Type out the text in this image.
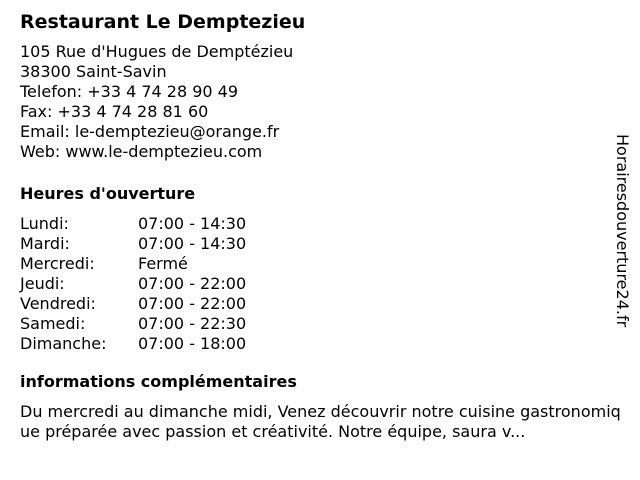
Restaurant Le Demptezieu
105 Rue d'Hugues de Demptézieu
38300 Saint-Savin
Telefon: +33 4 74 28 90 49
Fax: +33 4 74 28 81 60
Email: le-demptezieu@orange.fr
Web: www.le-demptezieu.com
Heures d'ouverture
Lundi:	07:00 - 14:30
Mardi:	07:00 - 14:30
Mercredi:	Fermé
Jeudi:	07:00 - 22:00
Vendredi:	07:00 - 22:00
Samedi:	07:00 - 22:30
Dimanche:	07:00 - 18:00
informations complémentaires
Du mercredi au dimanche midi, Venez découvrir notre cuisine gastronomique préparée avec passion et créativité. Notre équipe, saura v...
Horairesdouverture24.fr
